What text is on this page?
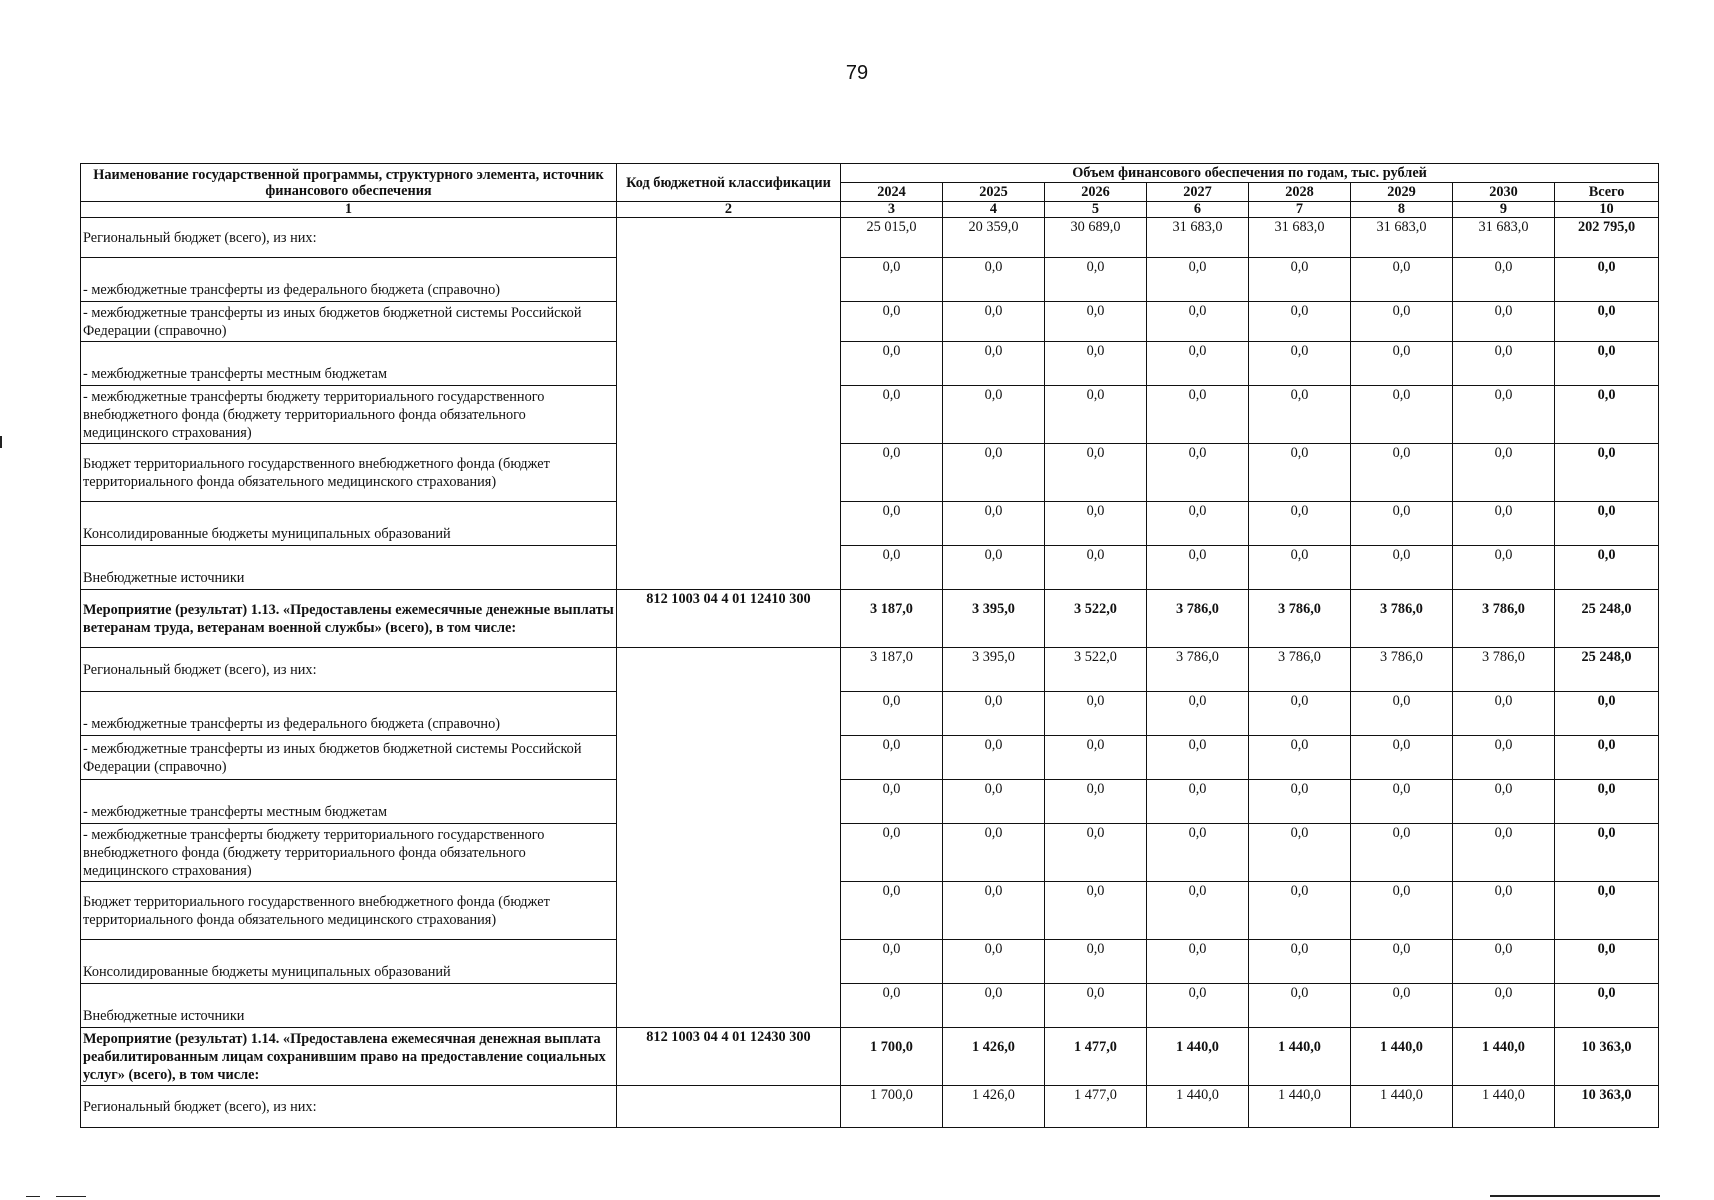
79
Наименование государственной программы, структурного элемента, источник финансового обеспечения	Код бюджетной классификации	Объем финансового обеспечения по годам, тыс. рублей							
		2024	2025	2026	2027	2028	2029	2030	Всего
1	2	3	4	5	6	7	8	9	10
Региональный бюджет (всего), из них:		25 015,0	20 359,0	30 689,0	31 683,0	31 683,0	31 683,0	31 683,0	202 795,0
- межбюджетные трансферты из федерального бюджета (справочно)		0,0	0,0	0,0	0,0	0,0	0,0	0,0	0,0
- межбюджетные трансферты из иных бюджетов бюджетной системы Российской Федерации (справочно)		0,0	0,0	0,0	0,0	0,0	0,0	0,0	0,0
- межбюджетные трансферты местным бюджетам		0,0	0,0	0,0	0,0	0,0	0,0	0,0	0,0
- межбюджетные трансферты бюджету территориального государственного внебюджетного фонда (бюджету территориального фонда обязательного медицинского страхования)		0,0	0,0	0,0	0,0	0,0	0,0	0,0	0,0
Бюджет территориального государственного внебюджетного фонда (бюджет территориального фонда обязательного медицинского страхования)		0,0	0,0	0,0	0,0	0,0	0,0	0,0	0,0
Консолидированные бюджеты муниципальных образований		0,0	0,0	0,0	0,0	0,0	0,0	0,0	0,0
Внебюджетные источники		0,0	0,0	0,0	0,0	0,0	0,0	0,0	0,0
Мероприятие (результат) 1.13. «Предоставлены ежемесячные денежные выплаты ветеранам труда, ветеранам военной службы» (всего), в том числе:	812 1003 04 4 01 12410 300	3 187,0	3 395,0	3 522,0	3 786,0	3 786,0	3 786,0	3 786,0	25 248,0
Региональный бюджет (всего), из них:		3 187,0	3 395,0	3 522,0	3 786,0	3 786,0	3 786,0	3 786,0	25 248,0
- межбюджетные трансферты из федерального бюджета (справочно)		0,0	0,0	0,0	0,0	0,0	0,0	0,0	0,0
- межбюджетные трансферты из иных бюджетов бюджетной системы Российской Федерации (справочно)		0,0	0,0	0,0	0,0	0,0	0,0	0,0	0,0
- межбюджетные трансферты местным бюджетам		0,0	0,0	0,0	0,0	0,0	0,0	0,0	0,0
- межбюджетные трансферты бюджету территориального государственного внебюджетного фонда (бюджету территориального фонда обязательного медицинского страхования)		0,0	0,0	0,0	0,0	0,0	0,0	0,0	0,0
Бюджет территориального государственного внебюджетного фонда (бюджет территориального фонда обязательного медицинского страхования)		0,0	0,0	0,0	0,0	0,0	0,0	0,0	0,0
Консолидированные бюджеты муниципальных образований		0,0	0,0	0,0	0,0	0,0	0,0	0,0	0,0
Внебюджетные источники		0,0	0,0	0,0	0,0	0,0	0,0	0,0	0,0
Мероприятие (результат) 1.14. «Предоставлена ежемесячная денежная выплата реабилитированным лицам сохранившим право на предоставление социальных услуг» (всего), в том числе:	812 1003 04 4 01 12430 300	1 700,0	1 426,0	1 477,0	1 440,0	1 440,0	1 440,0	1 440,0	10 363,0
Региональный бюджет (всего), из них:		1 700,0	1 426,0	1 477,0	1 440,0	1 440,0	1 440,0	1 440,0	10 363,0
